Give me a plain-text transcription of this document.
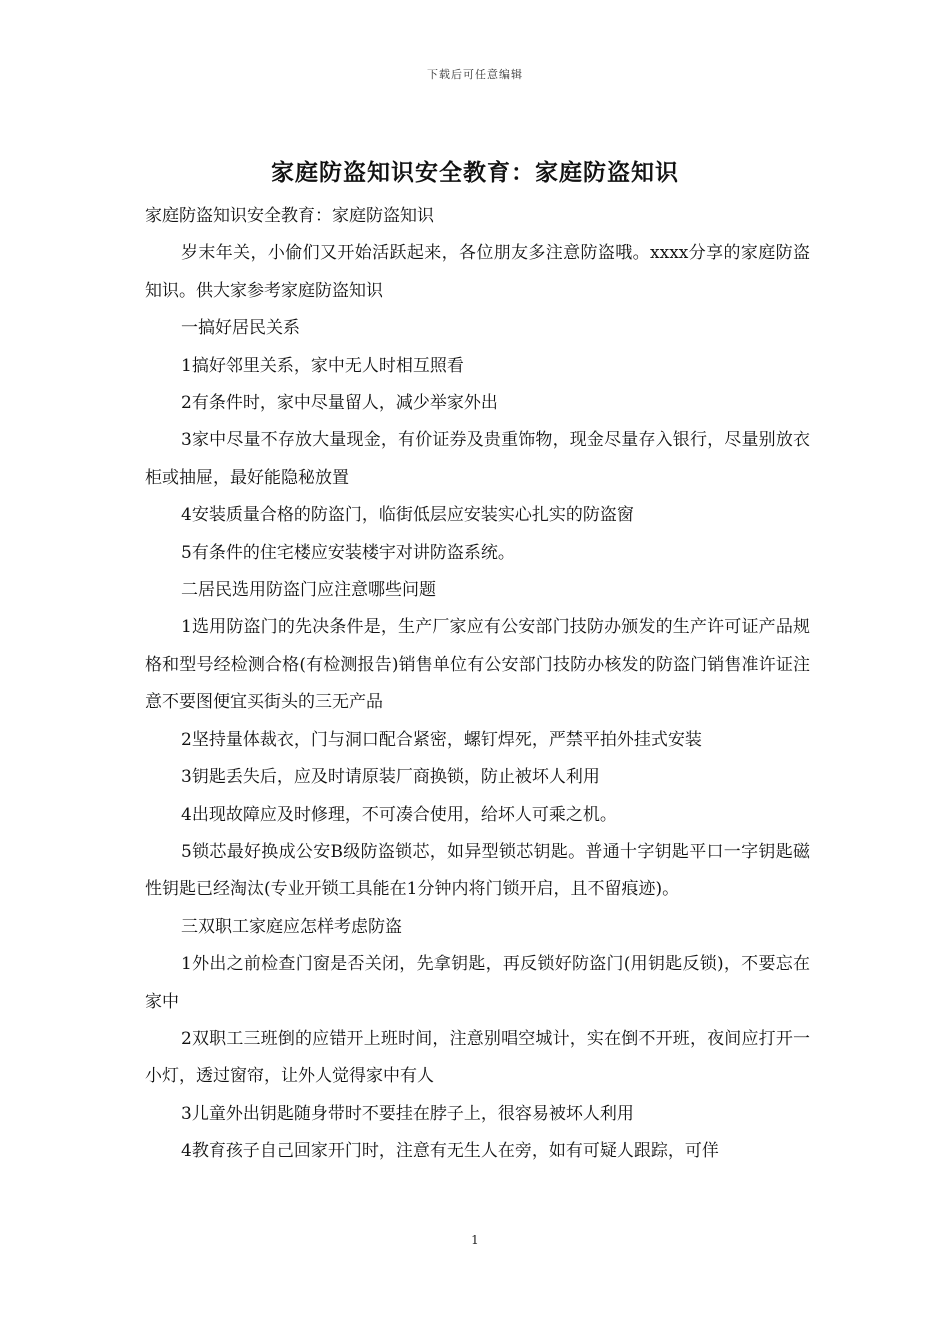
下载后可任意编辑
家庭防盗知识安全教育：家庭防盗知识

家庭防盗知识安全教育：家庭防盗知识

岁末年关，小偷们又开始活跃起来，各位朋友多注意防盗哦。xxxx分享的家庭防盗知识。供大家参考家庭防盗知识

一搞好居民关系

1搞好邻里关系，家中无人时相互照看

2有条件时，家中尽量留人，减少举家外出

3家中尽量不存放大量现金，有价证券及贵重饰物，现金尽量存入银行，尽量别放衣柜或抽屉，最好能隐秘放置

4安装质量合格的防盗门，临街低层应安装实心扎实的防盗窗

5有条件的住宅楼应安装楼宇对讲防盗系统。

二居民选用防盗门应注意哪些问题

1选用防盗门的先决条件是，生产厂家应有公安部门技防办颁发的生产许可证产品规格和型号经检测合格(有检测报告)销售单位有公安部门技防办核发的防盗门销售准许证注意不要图便宜买街头的三无产品

2坚持量体裁衣，门与洞口配合紧密，螺钉焊死，严禁平拍外挂式安装

3钥匙丢失后，应及时请原装厂商换锁，防止被坏人利用

4出现故障应及时修理，不可凑合使用，给坏人可乘之机。

5锁芯最好换成公安B级防盗锁芯，如异型锁芯钥匙。普通十字钥匙平口一字钥匙磁性钥匙已经淘汰(专业开锁工具能在1分钟内将门锁开启，且不留痕迹)。

三双职工家庭应怎样考虑防盗

1外出之前检查门窗是否关闭，先拿钥匙，再反锁好防盗门(用钥匙反锁)，不要忘在家中

2双职工三班倒的应错开上班时间，注意别唱空城计，实在倒不开班，夜间应打开一小灯，透过窗帘，让外人觉得家中有人

3儿童外出钥匙随身带时不要挂在脖子上，很容易被坏人利用

4教育孩子自己回家开门时，注意有无生人在旁，如有可疑人跟踪，可佯

1
